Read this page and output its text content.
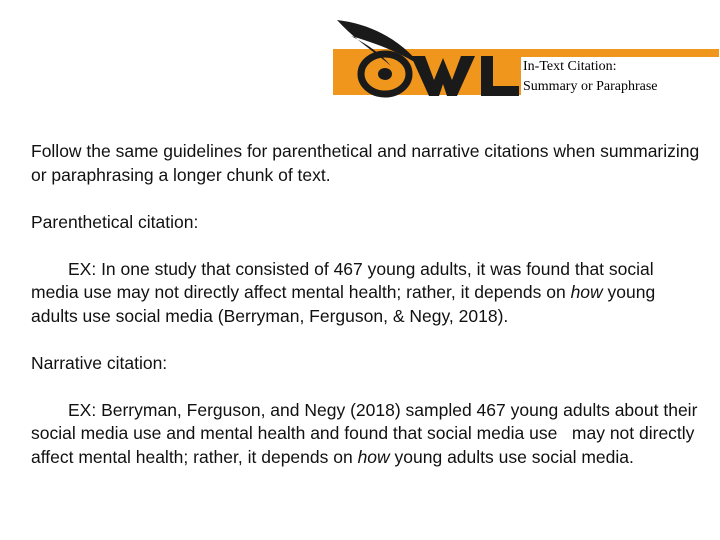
In-Text Citation:
Summary or Paraphrase

Follow the same guidelines for parenthetical and narrative citations when summarizing or paraphrasing a longer chunk of text.

Parenthetical citation:

EX: In one study that consisted of 467 young adults, it was found that social media use may not directly affect mental health; rather, it depends on how young adults use social media (Berryman, Ferguson, & Negy, 2018).

Narrative citation:

EX: Berryman, Ferguson, and Negy (2018) sampled 467 young adults about their social media use and mental health and found that social media use   may not directly affect mental health; rather, it depends on how young adults use social media.
